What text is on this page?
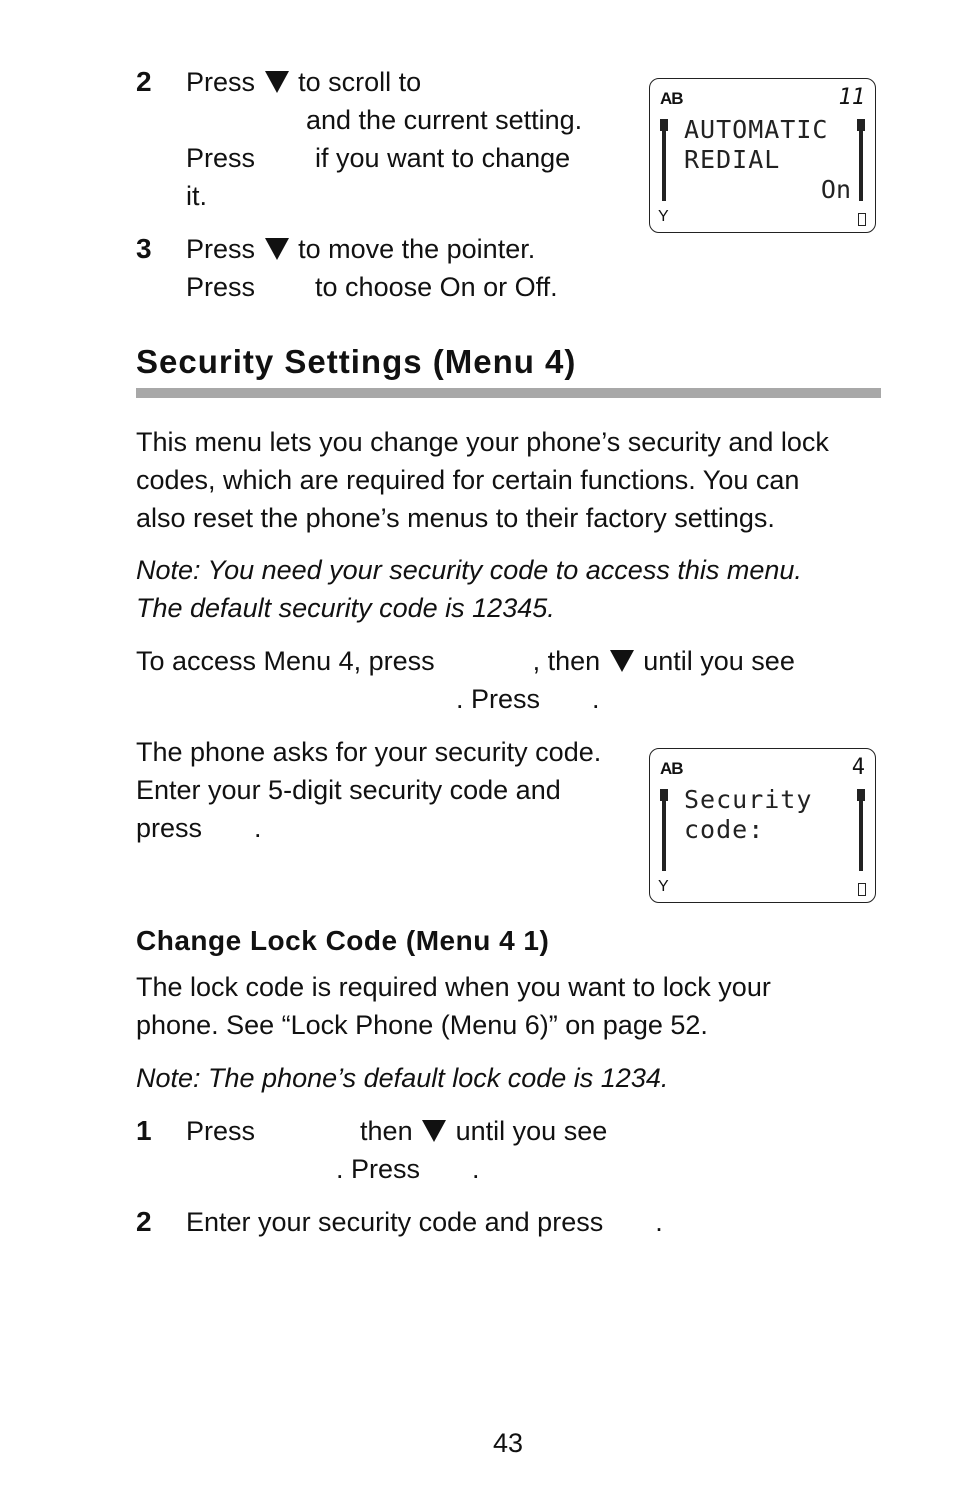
2 Press to scroll to
and the current setting.
Press if you want to change
it.
AB	11
AUTOMATIC
REDIAL
On
Y
3 Press to move the pointer.
Press to choose On or Off.
Security Settings (Menu 4)
This menu lets you change your phone’s security and lock
codes, which are required for certain functions. You can
also reset the phone’s menus to their factory settings.
Note: You need your security code to access this menu.
The default security code is 12345.
To access Menu 4, press	, then until you see
. Press .
The phone asks for your security code.
Enter your 5-digit security code and
press .
AB	4
Security
code:
Y
Change Lock Code (Menu 4 1)
The lock code is required when you want to lock your
phone. See “Lock Phone (Menu 6)” on page 52.
Note: The phone’s default lock code is 1234.
1 Press	then until you see
. Press .
2 Enter your security code and press .
43
